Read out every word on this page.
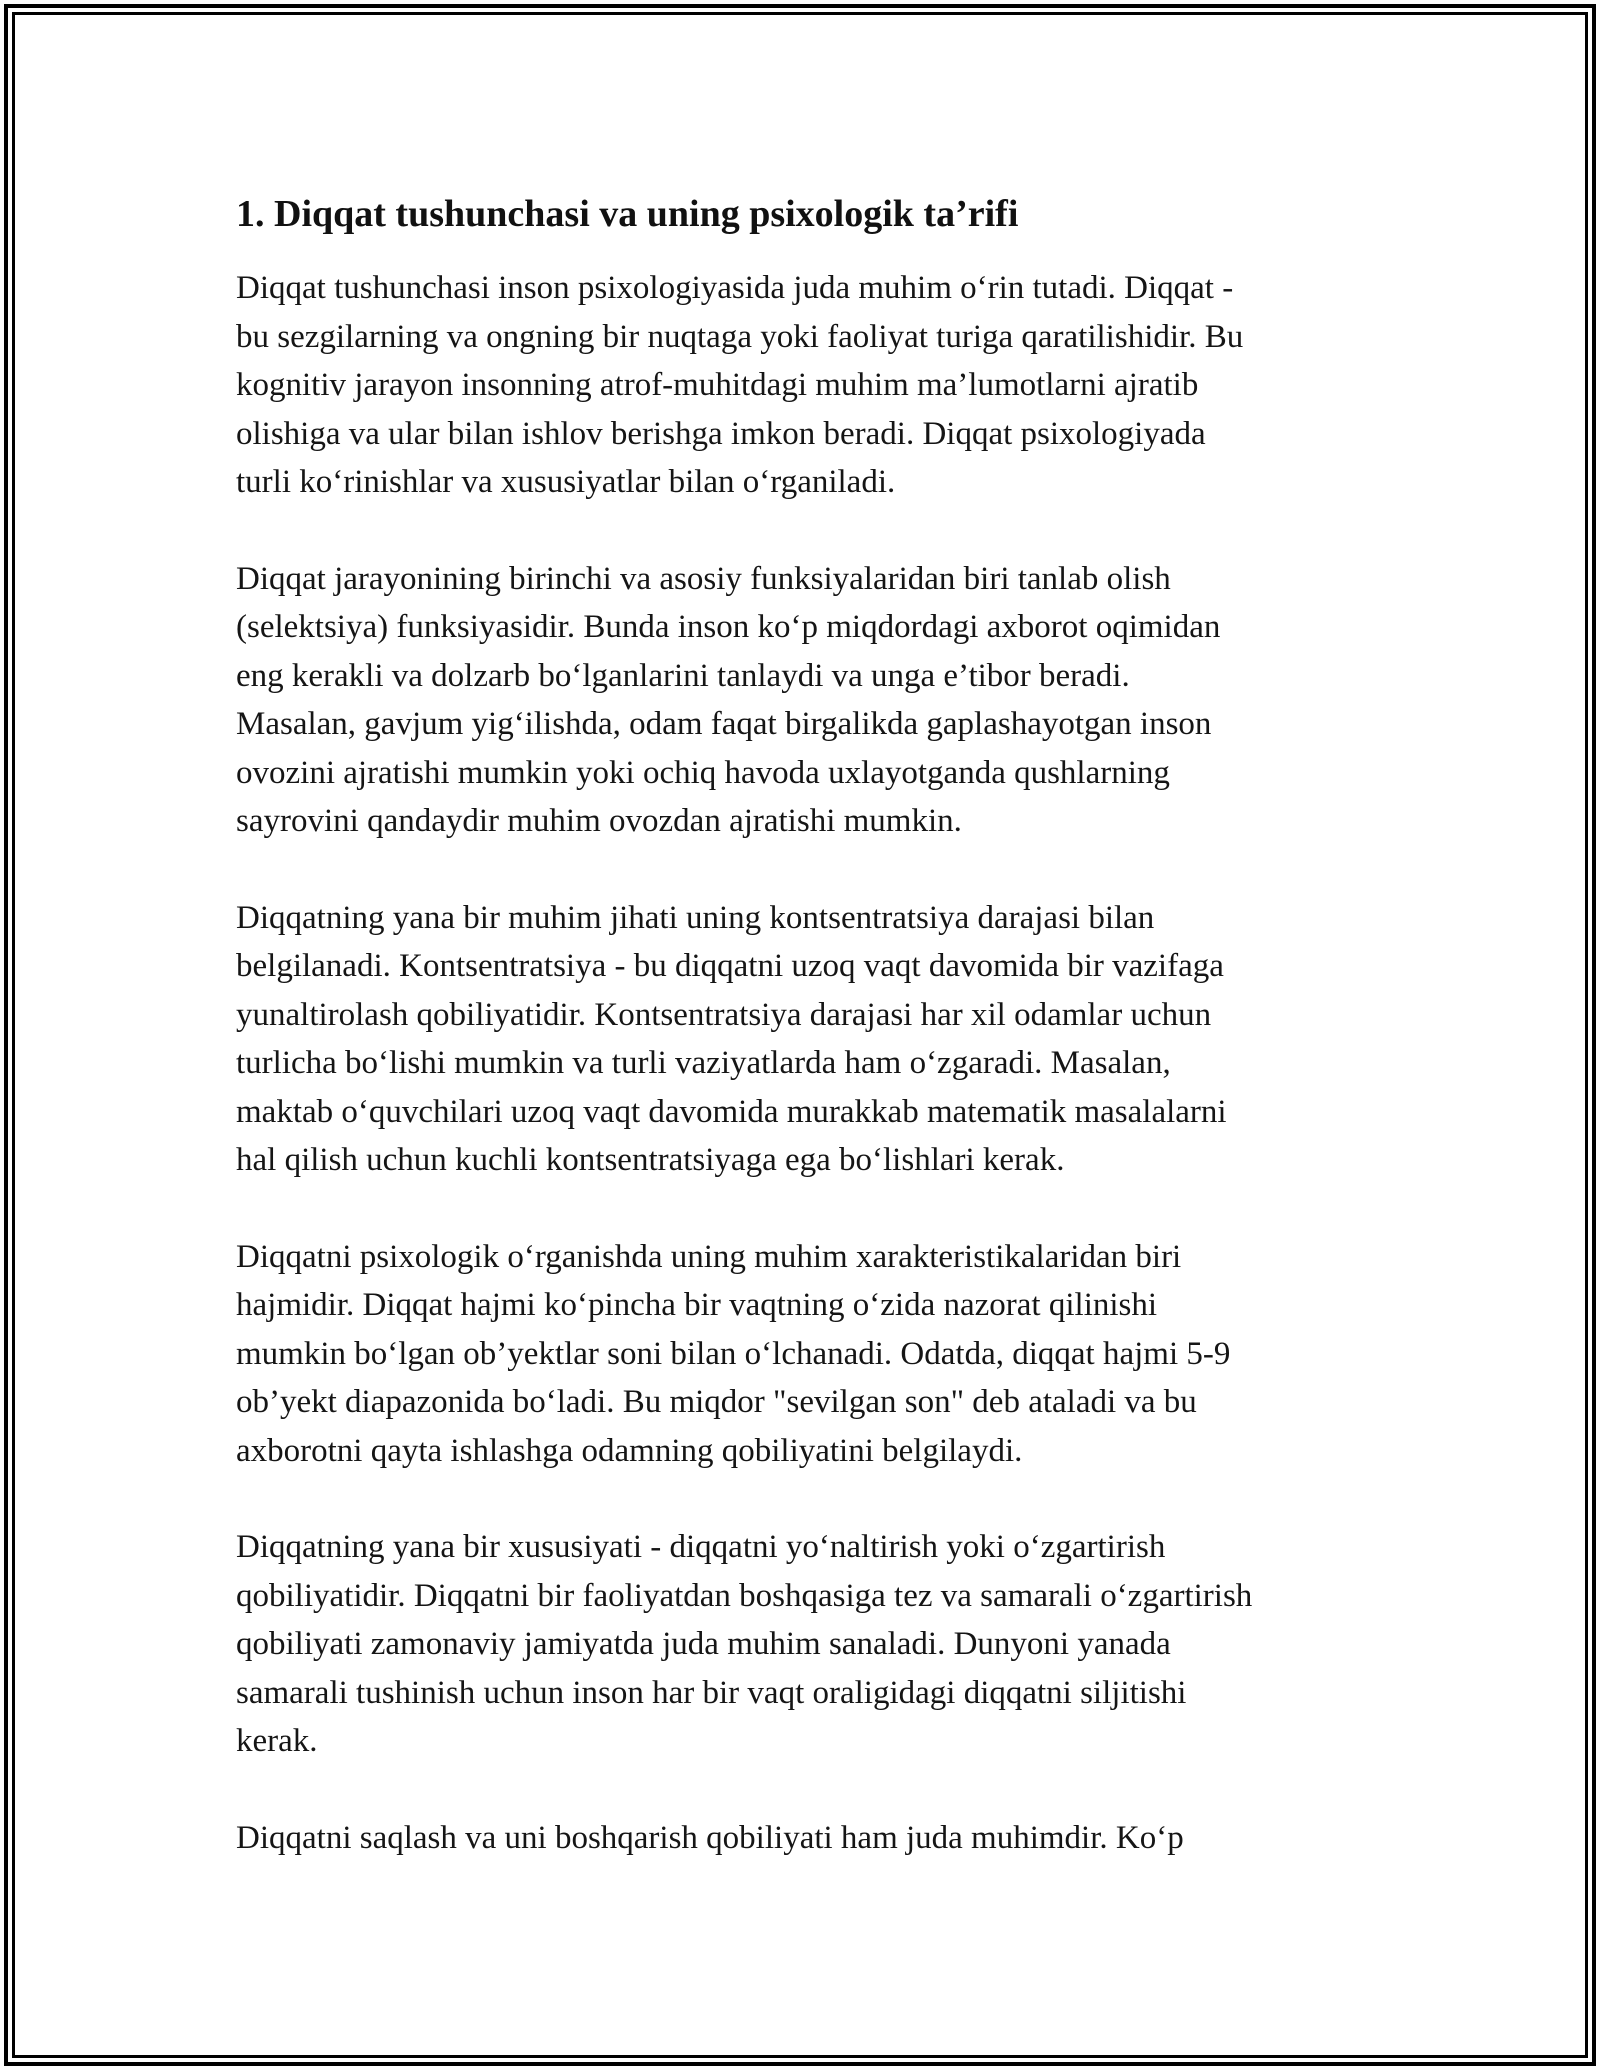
1. Diqqat tushunchasi va uning psixologik ta’rifi

Diqqat tushunchasi inson psixologiyasida juda muhim o‘rin tutadi. Diqqat -
bu sezgilarning va ongning bir nuqtaga yoki faoliyat turiga qaratilishidir. Bu
kognitiv jarayon insonning atrof-muhitdagi muhim ma’lumotlarni ajratib
olishiga va ular bilan ishlov berishga imkon beradi. Diqqat psixologiyada
turli ko‘rinishlar va xususiyatlar bilan o‘rganiladi.

Diqqat jarayonining birinchi va asosiy funksiyalaridan biri tanlab olish
(selektsiya) funksiyasidir. Bunda inson ko‘p miqdordagi axborot oqimidan
eng kerakli va dolzarb bo‘lganlarini tanlaydi va unga e’tibor beradi.
Masalan, gavjum yig‘ilishda, odam faqat birgalikda gaplashayotgan inson
ovozini ajratishi mumkin yoki ochiq havoda uxlayotganda qushlarning
sayrovini qandaydir muhim ovozdan ajratishi mumkin.

Diqqatning yana bir muhim jihati uning kontsentratsiya darajasi bilan
belgilanadi. Kontsentratsiya - bu diqqatni uzoq vaqt davomida bir vazifaga
yunaltirolash qobiliyatidir. Kontsentratsiya darajasi har xil odamlar uchun
turlicha bo‘lishi mumkin va turli vaziyatlarda ham o‘zgaradi. Masalan,
maktab o‘quvchilari uzoq vaqt davomida murakkab matematik masalalarni
hal qilish uchun kuchli kontsentratsiyaga ega bo‘lishlari kerak.

Diqqatni psixologik o‘rganishda uning muhim xarakteristikalaridan biri
hajmidir. Diqqat hajmi ko‘pincha bir vaqtning o‘zida nazorat qilinishi
mumkin bo‘lgan ob’yektlar soni bilan o‘lchanadi. Odatda, diqqat hajmi 5-9
ob’yekt diapazonida bo‘ladi. Bu miqdor "sevilgan son" deb ataladi va bu
axborotni qayta ishlashga odamning qobiliyatini belgilaydi.

Diqqatning yana bir xususiyati - diqqatni yo‘naltirish yoki o‘zgartirish
qobiliyatidir. Diqqatni bir faoliyatdan boshqasiga tez va samarali o‘zgartirish
qobiliyati zamonaviy jamiyatda juda muhim sanaladi. Dunyoni yanada
samarali tushinish uchun inson har bir vaqt oraligidagi diqqatni siljitishi
kerak.

Diqqatni saqlash va uni boshqarish qobiliyati ham juda muhimdir. Ko‘p
